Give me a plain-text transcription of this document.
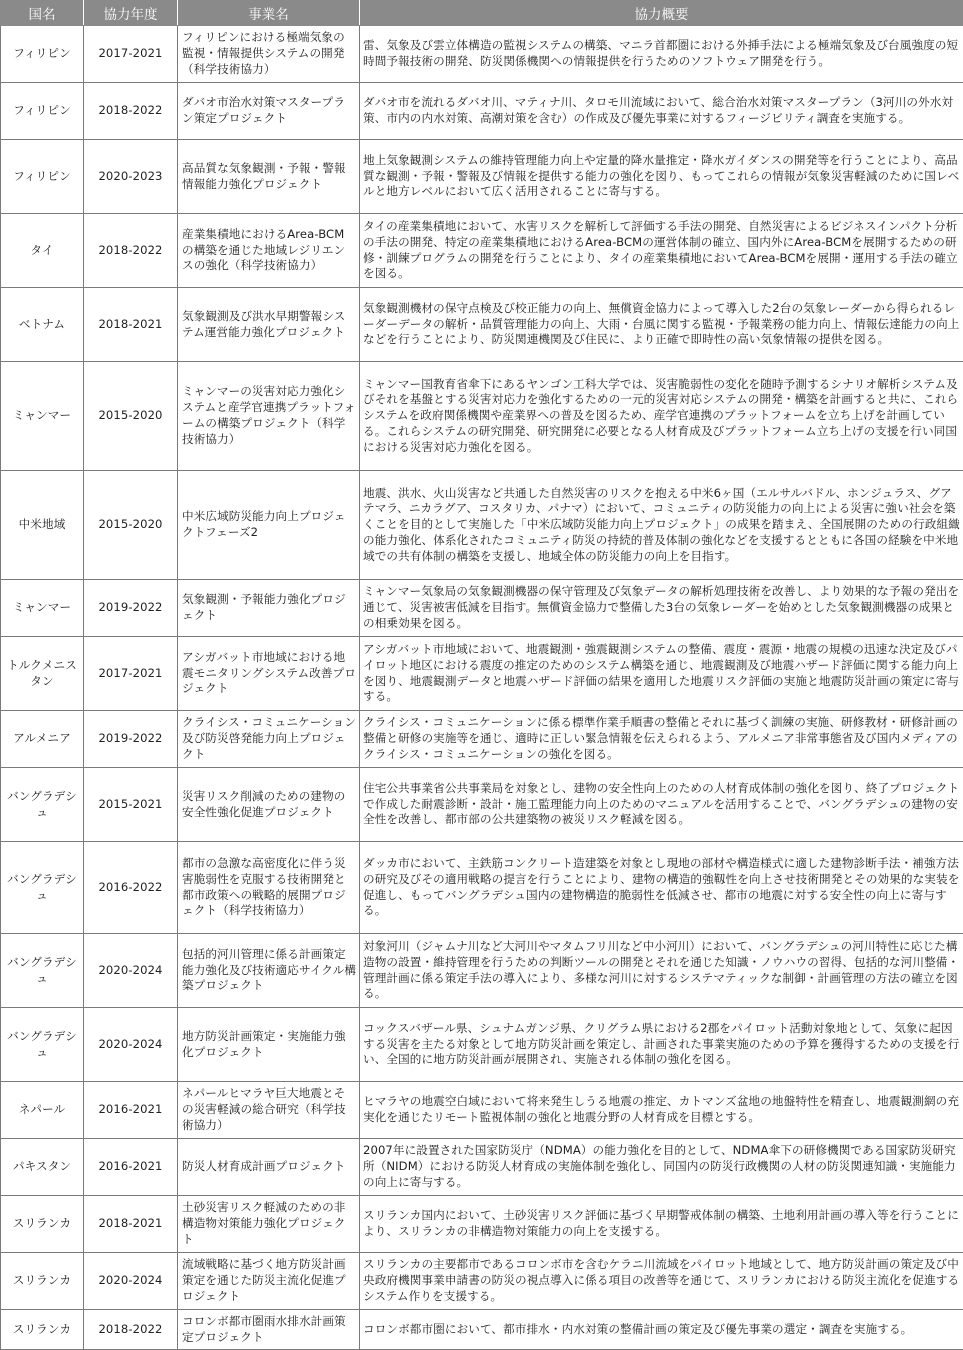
国名	協力年度	事業名	協力概要
フィリピン	2017-2021	フィリピンにおける極端気象の監視・情報提供システムの開発（科学技術協力）	雷、気象及び雲立体構造の監視システムの構築、マニラ首都圏における外挿手法による極端気象及び台風強度の短時間予報技術の開発、防災関係機関への情報提供を行うためのソフトウェア開発を行う。
フィリピン	2018-2022	ダバオ市治水対策マスタープラン策定プロジェクト	ダバオ市を流れるダバオ川、マティナ川、タロモ川流域において、総合治水対策マスタープラン（3河川の外水対策、市内の内水対策、高潮対策を含む）の作成及び優先事業に対するフィージビリティ調査を実施する。
フィリピン	2020-2023	高品質な気象観測・予報・警報情報能力強化プロジェクト	地上気象観測システムの維持管理能力向上や定量的降水量推定・降水ガイダンスの開発等を行うことにより、高品質な観測・予報・警報及び情報を提供する能力の強化を図り、もってこれらの情報が気象災害軽減のために国レベルと地方レベルにおいて広く活用されることに寄与する。
タイ	2018-2022	産業集積地におけるArea-BCMの構築を通じた地域レジリエンスの強化（科学技術協力）	タイの産業集積地において、水害リスクを解析して評価する手法の開発、自然災害によるビジネスインパクト分析の手法の開発、特定の産業集積地におけるArea-BCMの運営体制の確立、国内外にArea-BCMを展開するための研修・訓練プログラムの開発を行うことにより、タイの産業集積地においてArea-BCMを展開・運用する手法の確立を図る。
ベトナム	2018-2021	気象観測及び洪水早期警報システム運営能力強化プロジェクト	気象観測機材の保守点検及び校正能力の向上、無償資金協力によって導入した2台の気象レーダーから得られるレーダーデータの解析・品質管理能力の向上、大雨・台風に関する監視・予報業務の能力向上、情報伝達能力の向上などを行うことにより、防災関連機関及び住民に、より正確で即時性の高い気象情報の提供を図る。
ミャンマー	2015-2020	ミャンマーの災害対応力強化システムと産学官連携プラットフォームの構築プロジェクト（科学技術協力）	ミャンマー国教育省傘下にあるヤンゴン工科大学では、災害脆弱性の変化を随時予測するシナリオ解析システム及びそれを基盤とする災害対応力を強化するための一元的災害対応システムの開発・構築を計画すると共に、これらシステムを政府関係機関や産業界への普及を図るため、産学官連携のプラットフォームを立ち上げを計画している。これらシステムの研究開発、研究開発に必要となる人材育成及びプラットフォーム立ち上げの支援を行い同国における災害対応力強化を図る。
中米地域	2015-2020	中米広域防災能力向上プロジェクトフェーズ2	地震、洪水、火山災害など共通した自然災害のリスクを抱える中米6ヶ国（エルサルバドル、ホンジュラス、グアテマラ、ニカラグア、コスタリカ、パナマ）において、コミュニティの防災能力の向上による災害に強い社会を築くことを目的として実施した「中米広域防災能力向上プロジェクト」の成果を踏まえ、全国展開のための行政組織の能力強化、体系化されたコミュニティ防災の持続的普及体制の強化などを支援するとともに各国の経験を中米地域での共有体制の構築を支援し、地域全体の防災能力の向上を目指す。
ミャンマー	2019-2022	気象観測・予報能力強化プロジェクト	ミャンマー気象局の気象観測機器の保守管理及び気象データの解析処理技術を改善し、より効果的な予報の発出を通じて、災害被害低減を目指す。無償資金協力で整備した3台の気象レーダーを始めとした気象観測機器の成果との相乗効果を図る。
トルクメニスタン	2017-2021	アシガバット市地域における地震モニタリングシステム改善プロジェクト	アシガバット市地域において、地震観測・強震観測システムの整備、震度・震源・地震の規模の迅速な決定及びパイロット地区における震度の推定のためのシステム構築を通じ、地震観測及び地震ハザード評価に関する能力向上を図り、地震観測データと地震ハザード評価の結果を適用した地震リスク評価の実施と地震防災計画の策定に寄与する。
アルメニア	2019-2022	クライシス・コミュニケーション及び防災啓発能力向上プロジェクト	クライシス・コミュニケーションに係る標準作業手順書の整備とそれに基づく訓練の実施、研修教材・研修計画の整備と研修の実施等を通じ、適時に正しい緊急情報を伝えられるよう、アルメニア非常事態省及び国内メディアのクライシス・コミュニケーションの強化を図る。
バングラデシュ	2015-2021	災害リスク削減のための建物の安全性強化促進プロジェクト	住宅公共事業省公共事業局を対象とし、建物の安全性向上のための人材育成体制の強化を図り、終了プロジェクトで作成した耐震診断・設計・施工監理能力向上のためのマニュアルを活用することで、バングラデシュの建物の安全性を改善し、都市部の公共建築物の被災リスク軽減を図る。
バングラデシュ	2016-2022	都市の急激な高密度化に伴う災害脆弱性を克服する技術開発と都市政策への戦略的展開プロジェクト（科学技術協力）	ダッカ市において、主鉄筋コンクリート造建築を対象とし現地の部材や構造様式に適した建物診断手法・補強方法の研究及びその適用戦略の提言を行うことにより、建物の構造的強靱性を向上させ技術開発とその効果的な実装を促進し、もってバングラデシュ国内の建物構造的脆弱性を低減させ、都市の地震に対する安全性の向上に寄与する。
バングラデシュ	2020-2024	包括的河川管理に係る計画策定能力強化及び技術適応サイクル構築プロジェクト	対象河川（ジャムナ川など大河川やマタムフリ川など中小河川）において、バングラデシュの河川特性に応じた構造物の設置・維持管理を行うための判断ツールの開発とそれを通じた知識・ノウハウの習得、包括的な河川整備・管理計画に係る策定手法の導入により、多様な河川に対するシステマティックな制御・計画管理の方法の確立を図る。
バングラデシュ	2020-2024	地方防災計画策定・実施能力強化プロジェクト	コックスバザール県、シュナムガンジ県、クリグラム県における2郡をパイロット活動対象地として、気象に起因する災害を主たる対象として地方防災計画を策定し、計画された事業実施のための予算を獲得するための支援を行い、全国的に地方防災計画が展開され、実施される体制の強化を図る。
ネパール	2016-2021	ネパールヒマラヤ巨大地震とその災害軽減の総合研究（科学技術協力）	ヒマラヤの地震空白域において将来発生しうる地震の推定、カトマンズ盆地の地盤特性を精査し、地震観測網の充実化を通じたリモート監視体制の強化と地震分野の人材育成を目標とする。
パキスタン	2016-2021	防災人材育成計画プロジェクト	2007年に設置された国家防災庁（NDMA）の能力強化を目的として、NDMA傘下の研修機関である国家防災研究所（NIDM）における防災人材育成の実施体制を強化し、同国内の防災行政機関の人材の防災関連知識・実施能力の向上に寄与する。
スリランカ	2018-2021	土砂災害リスク軽減のための非構造物対策能力強化プロジェクト	スリランカ国内において、土砂災害リスク評価に基づく早期警戒体制の構築、土地利用計画の導入等を行うことにより、スリランカの非構造物対策能力の向上を支援する。
スリランカ	2020-2024	流域戦略に基づく地方防災計画策定を通じた防災主流化促進プロジェクト	スリランカの主要都市であるコロンボ市を含むケラニ川流域をパイロット地域として、地方防災計画の策定及び中央政府機関事業申請書の防災の視点導入に係る項目の改善等を通じて、スリランカにおける防災主流化を促進するシステム作りを支援する。
スリランカ	2018-2022	コロンボ都市圏雨水排水計画策定プロジェクト	コロンボ都市圏において、都市排水・内水対策の整備計画の策定及び優先事業の選定・調査を実施する。
